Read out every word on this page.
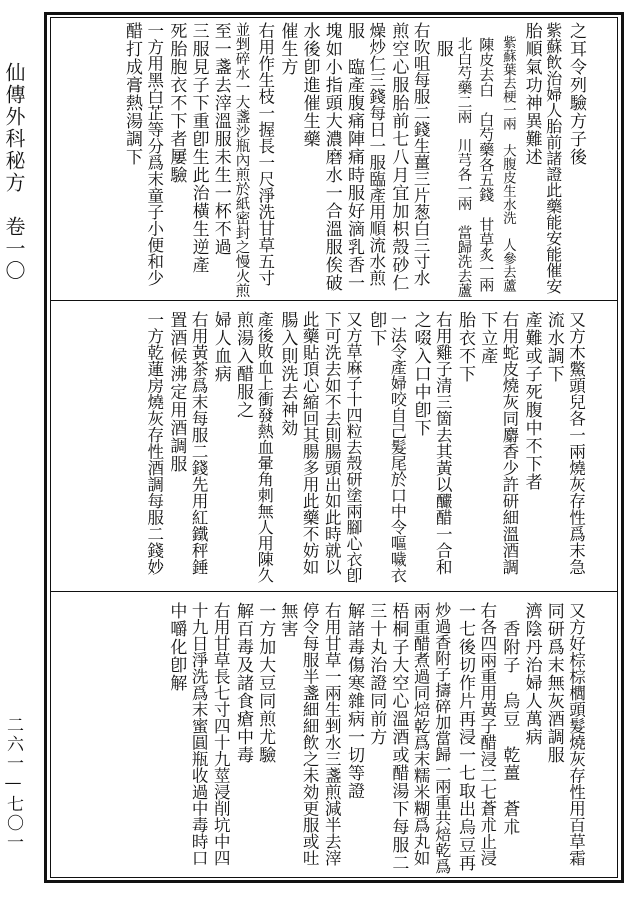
仙傳外科秘方　卷一〇
二六一—七〇一
之耳令列驗方子後
紫蘇飲治婦人胎前諸證此藥能安能催安
胎順氣功神異難述
　紫蘇葉去梗一兩　大腹皮生水洗　人參去蘆
　陳皮去白　白芍藥各五錢　甘草炙一兩
　北白芍藥二兩　川芎各一兩　當歸洗去蘆
　服
右吹咀每服二錢生薑三片葱白三寸水
煎空心服胎前七八月宜加枳殼砂仁
燥炒仁三錢每日一服臨產用順流水煎
服　臨產腹痛陣痛時服好滴乳香一
塊如小指頭大濃磨水一合溫服俟破
水後卽進催生藥
催生方
右用作生枝一握長一尺淨洗甘草五寸
並剉碎水一大盞沙瓶內煎於紙密封之慢火煎
至一盞去滓溫服未生一杯不過
三服見子下重卽生此治橫生逆產
死胎胞衣不下者屢驗
一方用黑白芷等分爲末童子小便和少
醋打成膏熱湯調下
又方木鱉頭兒各一兩燒灰存性爲末急
流水調下
產難或子死腹中不下者
右用蛇皮燒灰同麝香少許研細溫酒調
下立產
胎衣不下
右用雞子清三箇去其黃以釅醋一合和
之啜入口中卽下
一法令產婦咬自己髮尾於口中令嘔噦衣
卽下
又方草麻子十四粒去殼研塗兩腳心衣卽
下可洗去如不去則腸頭出如此時就以
此藥貼頂心縮回其腸多用此藥不妨如
腸入則洗去神効
產後敗血上衝發熱血暈角刺無人用陳久
煎湯入醋服之
婦人血病
右用黃茶爲末每服二錢先用紅鐵秤錘
置酒候沸定用酒調服
一方乾蓮房燒灰存性酒調每服二錢妙
又方好棕棕櫚頭髮燒灰存性用百草霜
同研爲末無灰酒調服
濟陰丹治婦人萬病
　香附子　烏豆　乾薑　蒼朮
右各四兩重用黃子醋浸二七蒼朮止浸
一七後切作片再浸一七取出烏豆再
炒過香附子擣碎加當歸一兩重共焙乾爲
兩重醋煮過同焙乾爲末糯米糊爲丸如
梧桐子大空心溫酒或醋湯下每服二
三十丸治證同前方
解諸毒傷寒雜病一切等證
右用甘草一兩生剉水三盞煎減半去滓
停令每服半盞細細飲之未効更服或吐
無害
一方加大豆同煎尤驗
解百毒及諸食瘡中毒
右用甘草長七寸四十九莖浸削坑中四
十九日淨洗爲末蜜圓瓶收過中毒時口
中嚼化卽解
